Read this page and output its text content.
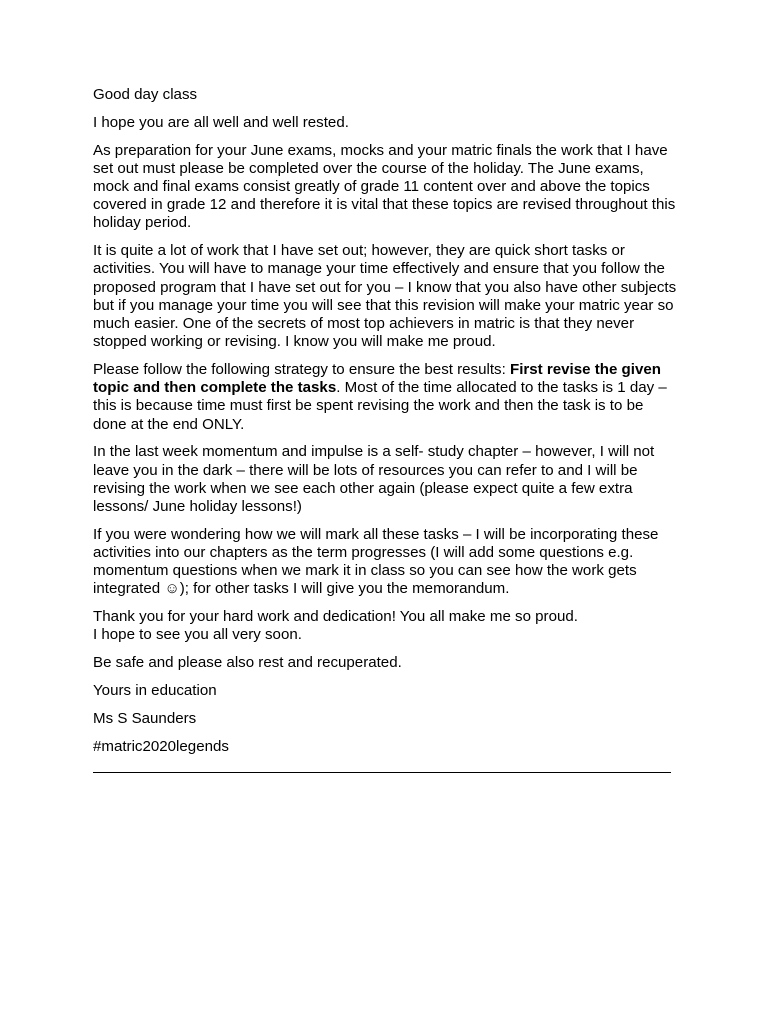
Good day class

I hope you are all well and well rested.

As preparation for your June exams, mocks and your matric finals the work that I have set out must please be completed over the course of the holiday. The June exams, mock and final exams consist greatly of grade 11 content over and above the topics covered in grade 12 and therefore it is vital that these topics are revised throughout this holiday period.

It is quite a lot of work that I have set out; however, they are quick short tasks or activities. You will have to manage your time effectively and ensure that you follow the proposed program that I have set out for you – I know that you also have other subjects but if you manage your time you will see that this revision will make your matric year so much easier. One of the secrets of most top achievers in matric is that they never stopped working or revising. I know you will make me proud.

Please follow the following strategy to ensure the best results: First revise the given topic and then complete the tasks. Most of the time allocated to the tasks is 1 day – this is because time must first be spent revising the work and then the task is to be done at the end ONLY.

In the last week momentum and impulse is a self- study chapter – however, I will not leave you in the dark – there will be lots of resources you can refer to and I will be revising the work when we see each other again (please expect quite a few extra lessons/ June holiday lessons!)

If you were wondering how we will mark all these tasks – I will be incorporating these activities into our chapters as the term progresses (I will add some questions e.g. momentum questions when we mark it in class so you can see how the work gets integrated ☺); for other tasks I will give you the memorandum.

Thank you for your hard work and dedication! You all make me so proud.
I hope to see you all very soon.

Be safe and please also rest and recuperated.

Yours in education

Ms S Saunders

#matric2020legends
